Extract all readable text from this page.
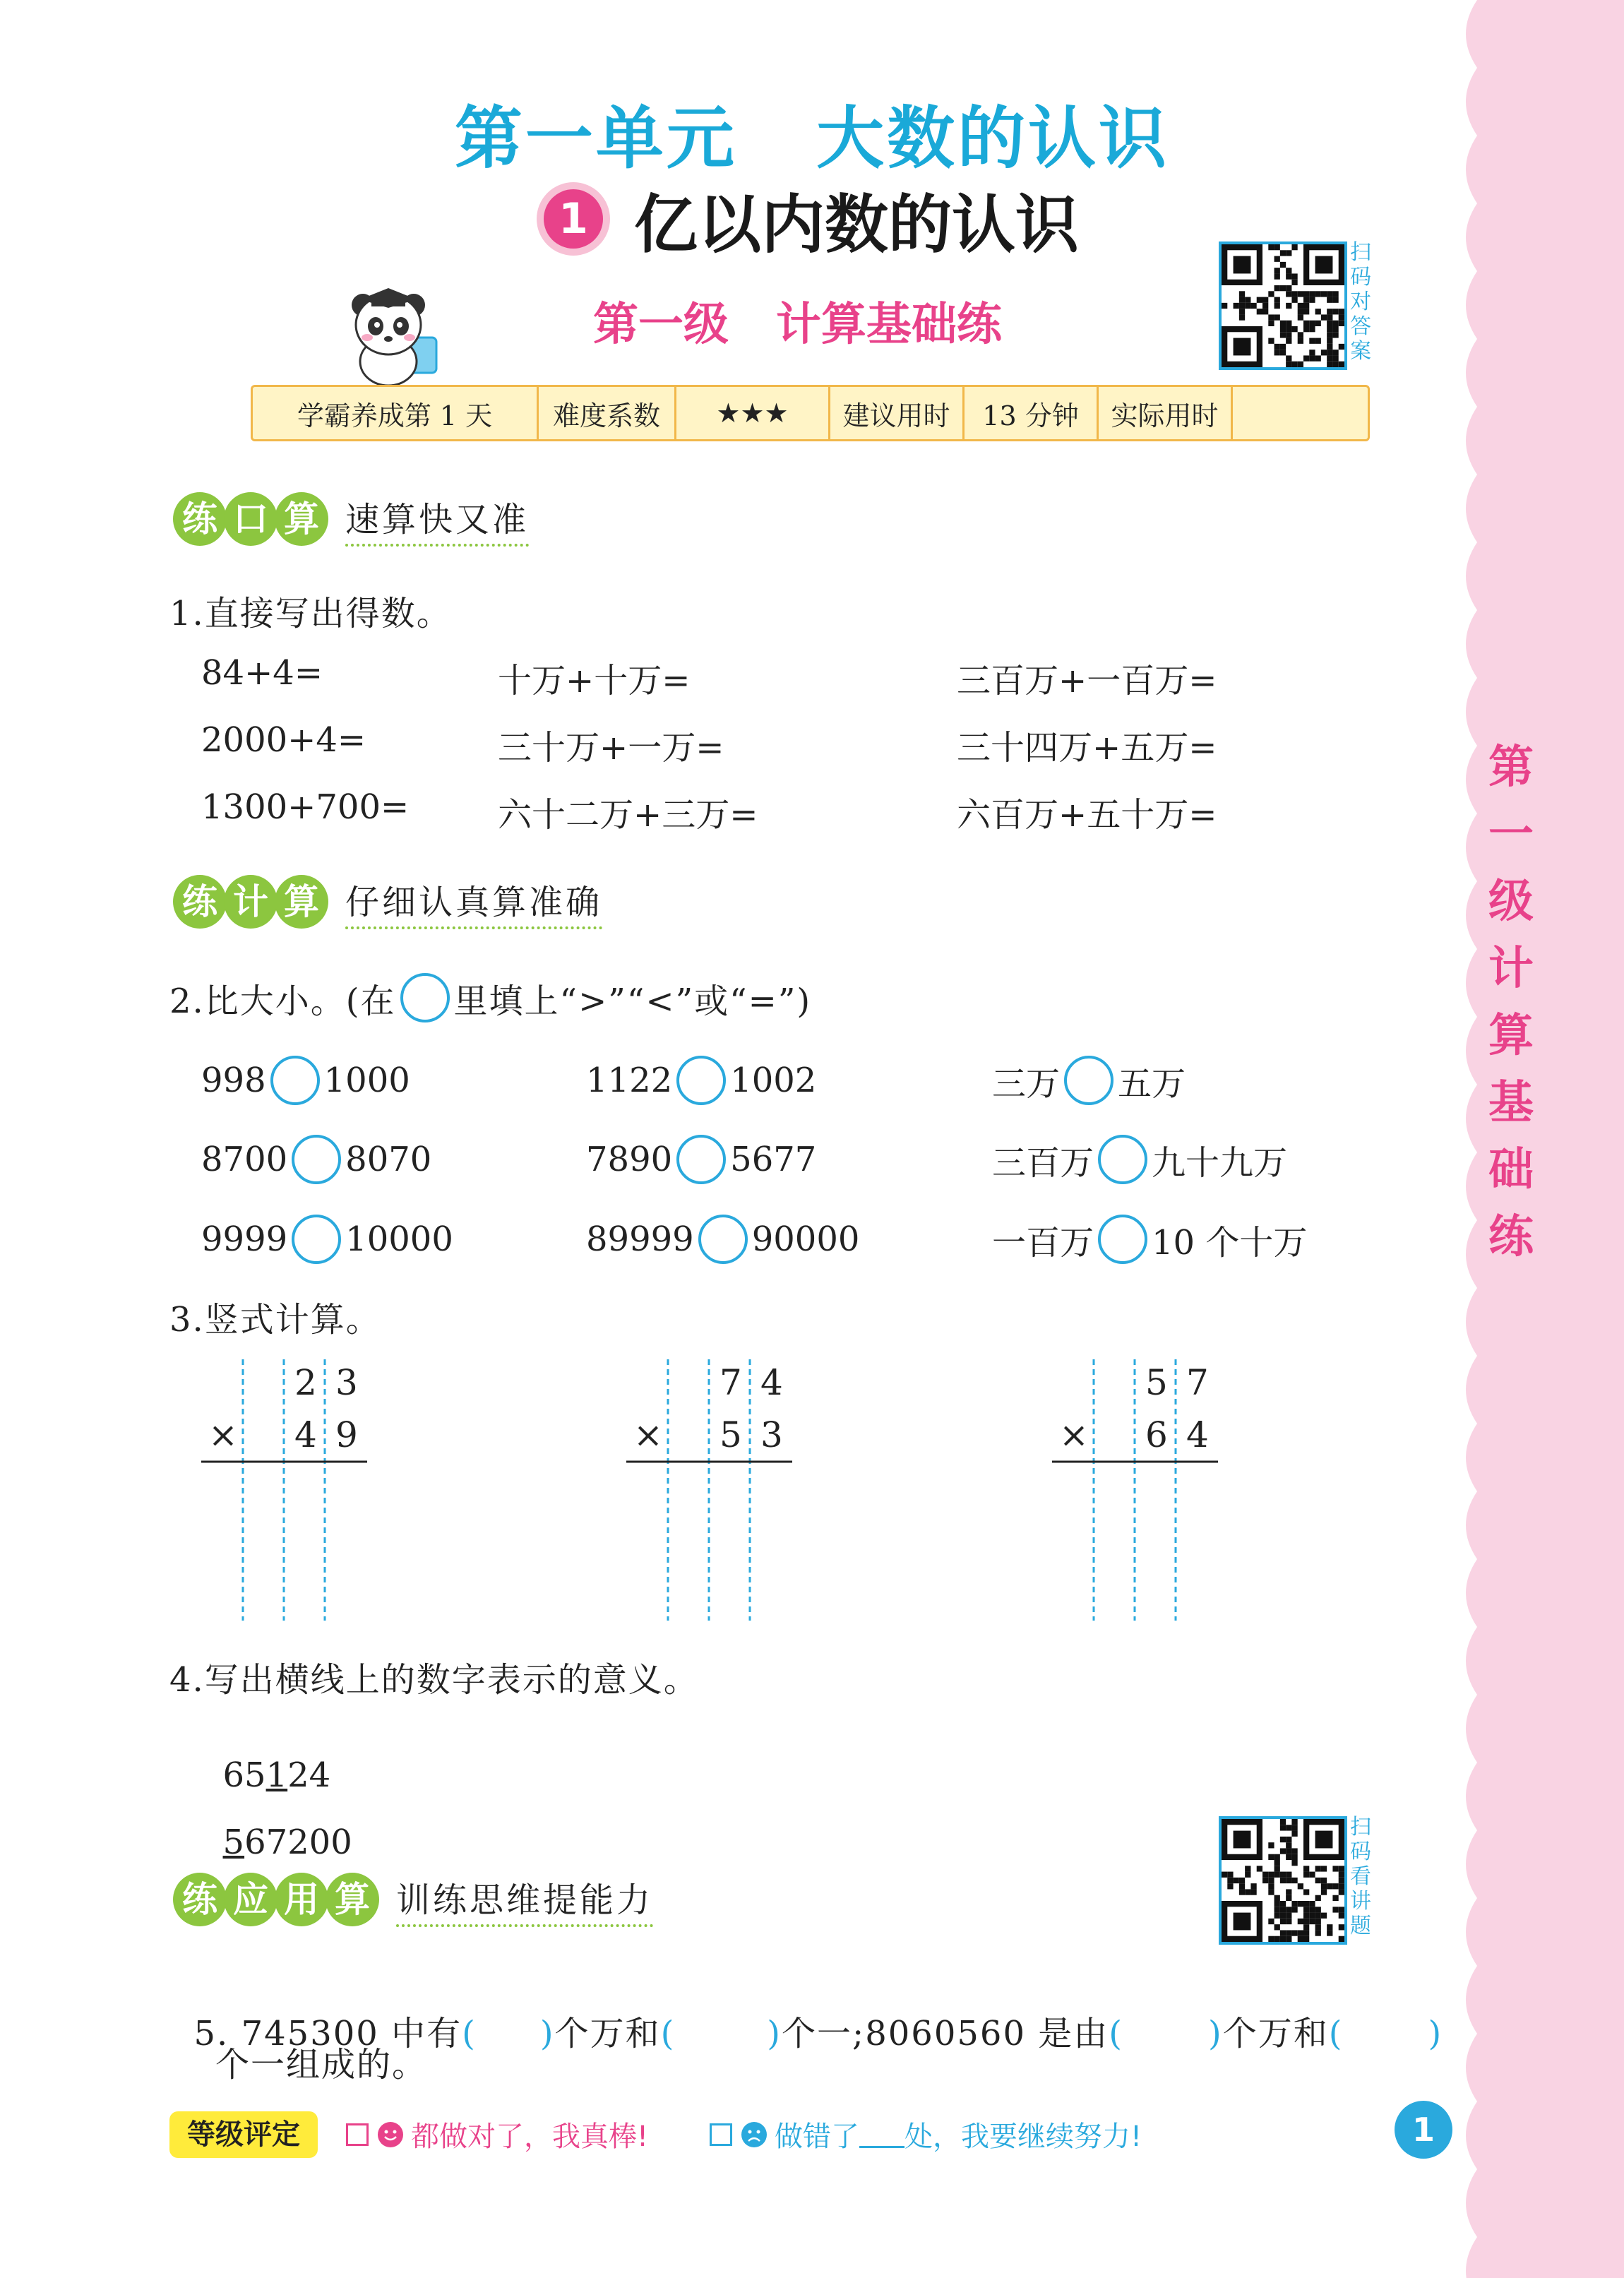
第
一
级
计
算
基
础
练
第一单元   大数的认识
1 亿以内数的认识
第一级   计算基础练
扫码对答案
学霸养成第 1 天	难度系数	★★★	建议用时	13 分钟	实际用时
练 口 算 速算快又准
1.直接写出得数。
84+4=	十万+十万=	三百万+一百万=
2000+4=	三十万+一万=	三十四万+五万=
1300+700=	六十二万+三万=	六百万+五十万=
练 计 算 仔细认真算准确
2.比大小。(在 里填上“>”“<”或“=”)
998 1000	1122 1002	三万 五万
8700 8070	7890 5677	三百万 九十九万
9999 10000	89999 90000	一百万 10 个十万
3.竖式计算。
2 3
× 4 9
7 4
× 5 3
5 7
× 6 4
4.写出横线上的数字表示的意义。

65124

567200	扫码看讲题
练 应 用 算 训练思维提能力

5. 745300 中有( )个万和(	)个一;8060560 是由(	)个万和(	)

个一组成的。
等级评定	都做对了，我真棒!	做错了 处，我要继续努力!	1
